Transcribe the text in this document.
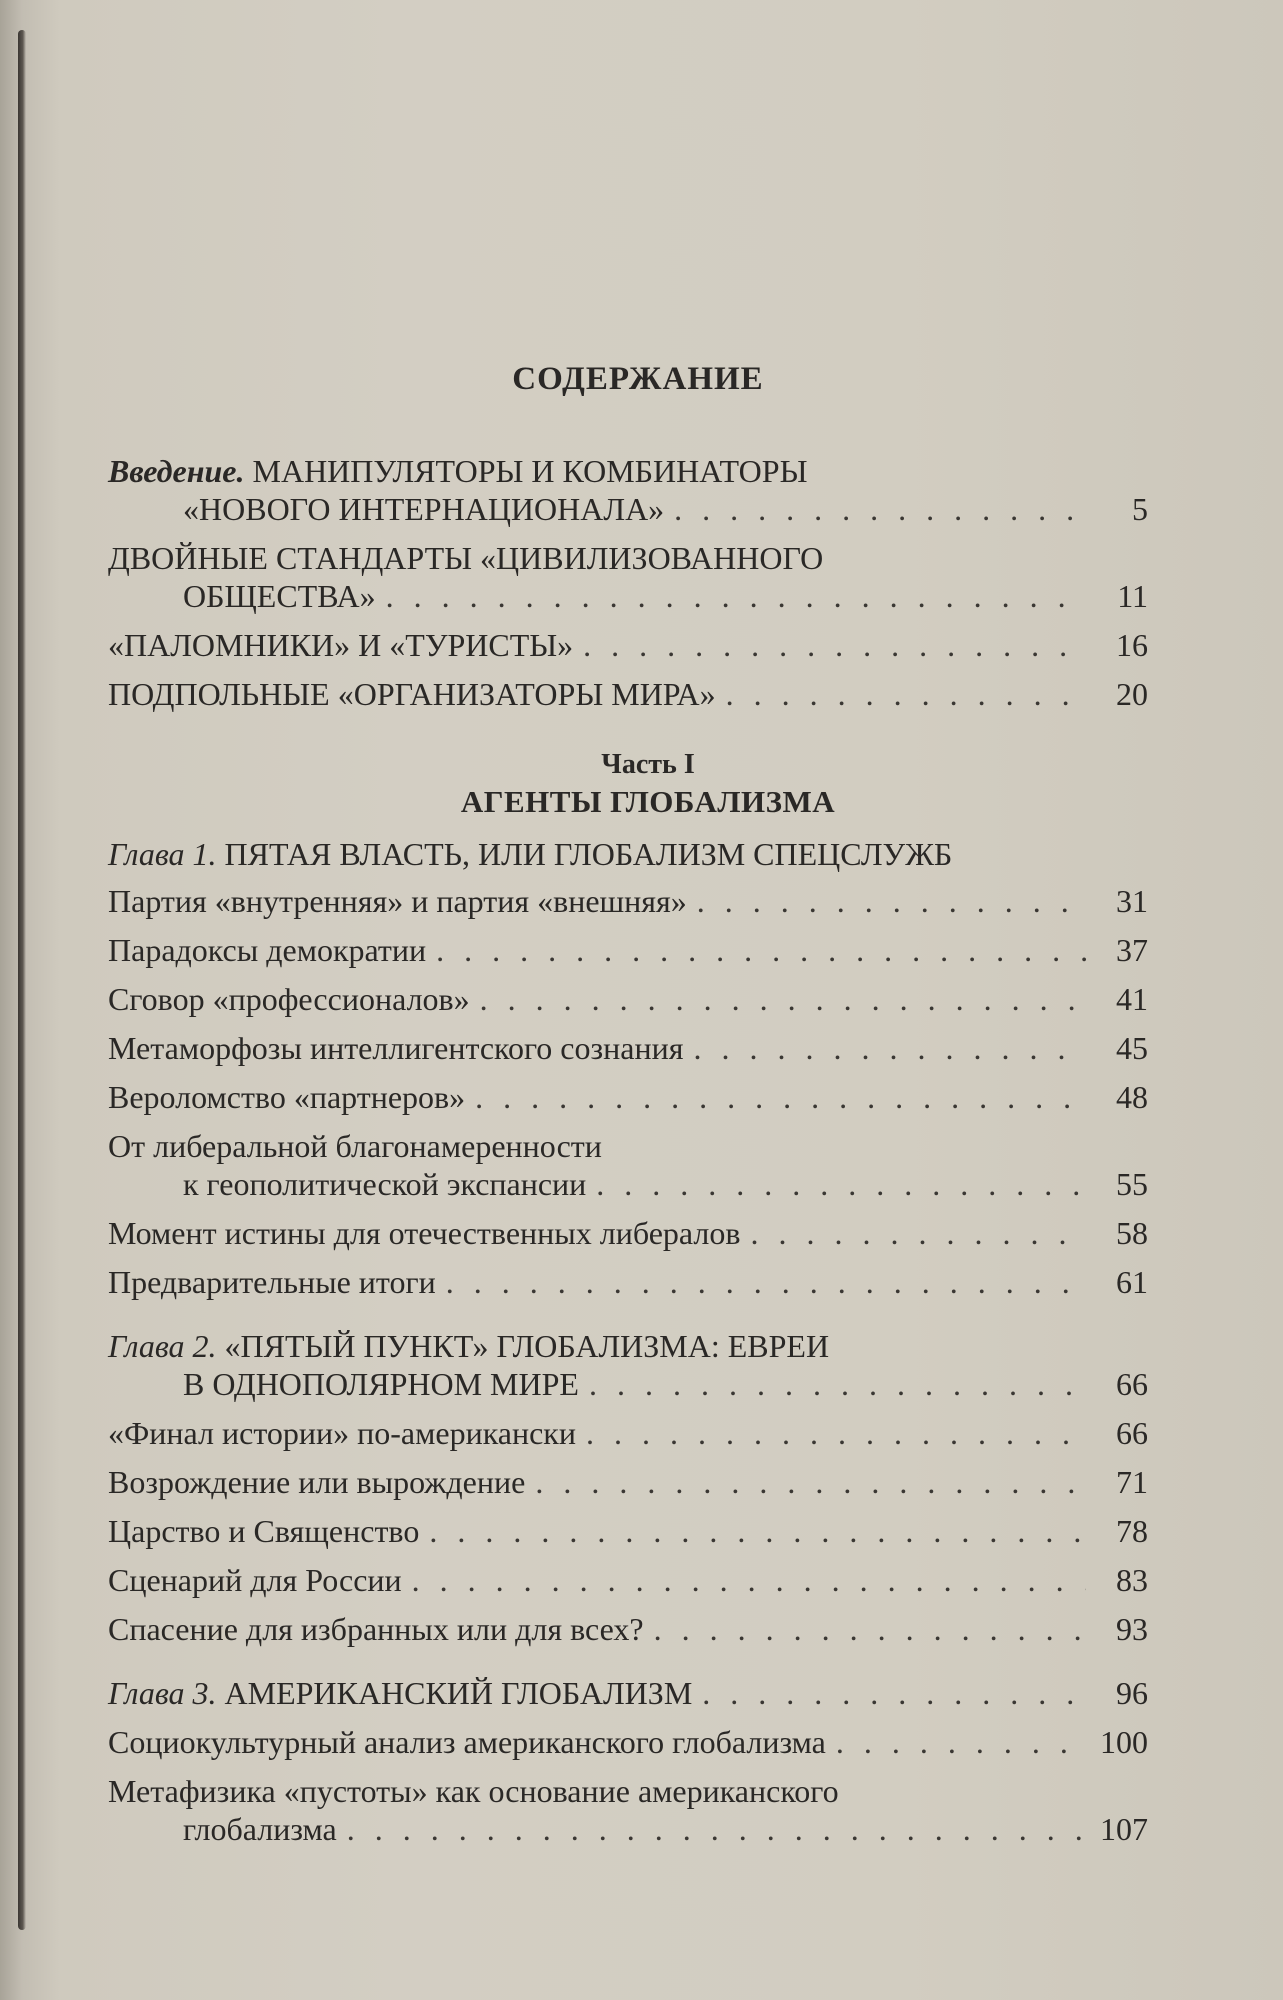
СОДЕРЖАНИЕ
Введение. МАНИПУЛЯТОРЫ И КОМБИНАТОРЫ
«НОВОГО ИНТЕРНАЦИОНАЛА» . . .	5
ДВОЙНЫЕ СТАНДАРТЫ «ЦИВИЛИЗОВАННОГО
ОБЩЕСТВА» . . .	11
«ПАЛОМНИКИ» И «ТУРИСТЫ» . . .	16
ПОДПОЛЬНЫЕ «ОРГАНИЗАТОРЫ МИРА» . . .	20
Часть I
АГЕНТЫ ГЛОБАЛИЗМА
Глава 1. ПЯТАЯ ВЛАСТЬ, ИЛИ ГЛОБАЛИЗМ СПЕЦСЛУЖБ
Партия «внутренняя» и партия «внешняя» . . .	31
Парадоксы демократии . . .	37
Сговор «профессионалов» . . .	41
Метаморфозы интеллигентского сознания . . .	45
Вероломство «партнеров» . . .	48
От либеральной благонамеренности
к геополитической экспансии . . .	55
Момент истины для отечественных либералов . . .	58
Предварительные итоги . . .	61
Глава 2. «ПЯТЫЙ ПУНКТ» ГЛОБАЛИЗМА: ЕВРЕИ
В ОДНОПОЛЯРНОМ МИРЕ . . .	66
«Финал истории» по-американски . . .	66
Возрождение или вырождение . . .	71
Царство и Священство . . .	78
Сценарий для России . . .	83
Спасение для избранных или для всех? . . .	93
Глава 3. АМЕРИКАНСКИЙ ГЛОБАЛИЗМ . . .	96
Социокультурный анализ американского глобализма . . .	100
Метафизика «пустоты» как основание американского
глобализма . . .	107
